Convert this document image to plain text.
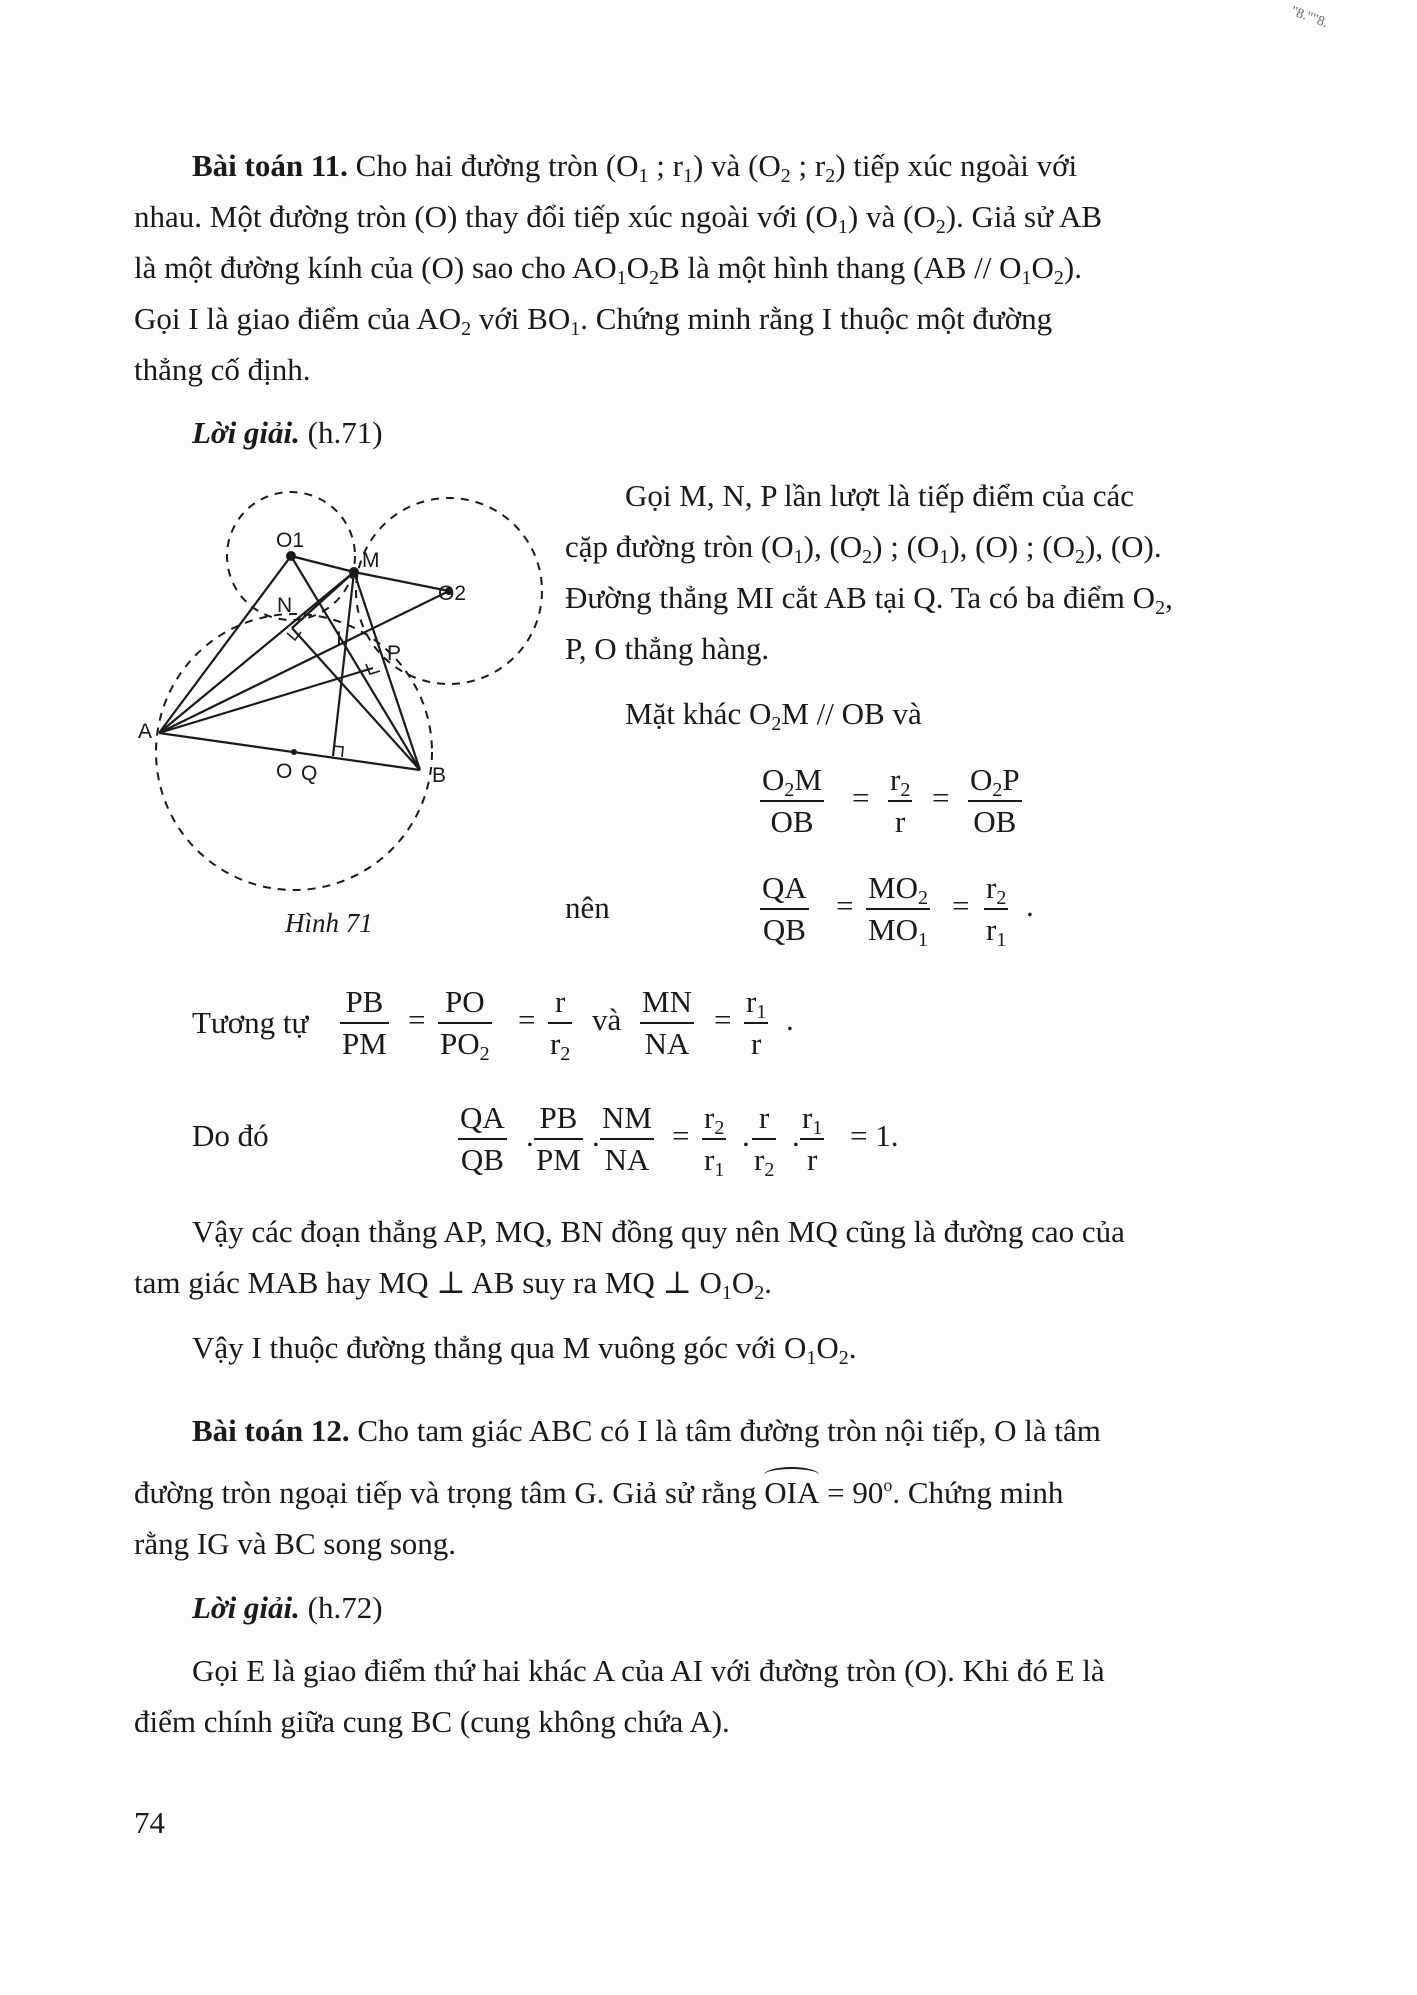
"8.""8.
Bài toán 11. Cho hai đường tròn ($O_1$ ; $r_1$) và ($O_2$ ; $r_2$) tiếp xúc ngoài với
nhau. Một đường tròn (O) thay đổi tiếp xúc ngoài với $(O_1)$ và $(O_2)$. Giả sử AB
là một đường kính của (O) sao cho $AO_1O_2B$ là một hình thang $(AB // O_1O_2)$.
Gọi I là giao điểm của $AO_2$ với $BO_1$. Chứng minh rằng I thuộc một đường
thẳng cố định.
Lời giải. (h.71)
O1
M
O2
N
I
P
A
O Q	B
Hình 71
Gọi M, N, P lần lượt là tiếp điểm của các
cặp đường tròn $(O_1)$, $(O_2)$ ; $(O_1)$, (O) ; $(O_2)$, (O).
Đường thẳng MI cắt AB tại Q. Ta có ba điểm $O_2$,
P, O thẳng hàng.
Mặt khác $O_2M$ // OB và
$\frac{O_2M}{OB} = \frac{r_2}{r} = \frac{O_2P}{OB}$
nên	$\frac{QA}{QB} = \frac{MO_2}{MO_1} = \frac{r_2}{r_1}$ .
Tương tự $\frac{PB}{PM} = \frac{PO}{PO_2} = \frac{r}{r_2}$ và $\frac{MN}{NA} = \frac{r_1}{r}$ .
Do đó	$\frac{QA}{QB}$ . $\frac{PB}{PM}$ . $\frac{NM}{NA} = \frac{r_2}{r_1}$ . $\frac{r}{r_2}$ . $\frac{r_1}{r} = 1$.
Vậy các đoạn thẳng AP, MQ, BN đồng quy nên MQ cũng là đường cao của
tam giác MAB hay MQ ⊥ AB suy ra MQ ⊥ $O_1O_2$.
Vậy I thuộc đường thẳng qua M vuông góc với $O_1O_2$.
Bài toán 12. Cho tam giác ABC có I là tâm đường tròn nội tiếp, O là tâm
đường tròn ngoại tiếp và trọng tâm G. Giả sử rằng OIA = $90^o$. Chứng minh
rằng IG và BC song song.
Lời giải. (h.72)
Gọi E là giao điểm thứ hai khác A của AI với đường tròn (O). Khi đó E là
điểm chính giữa cung BC (cung không chứa A).
74
